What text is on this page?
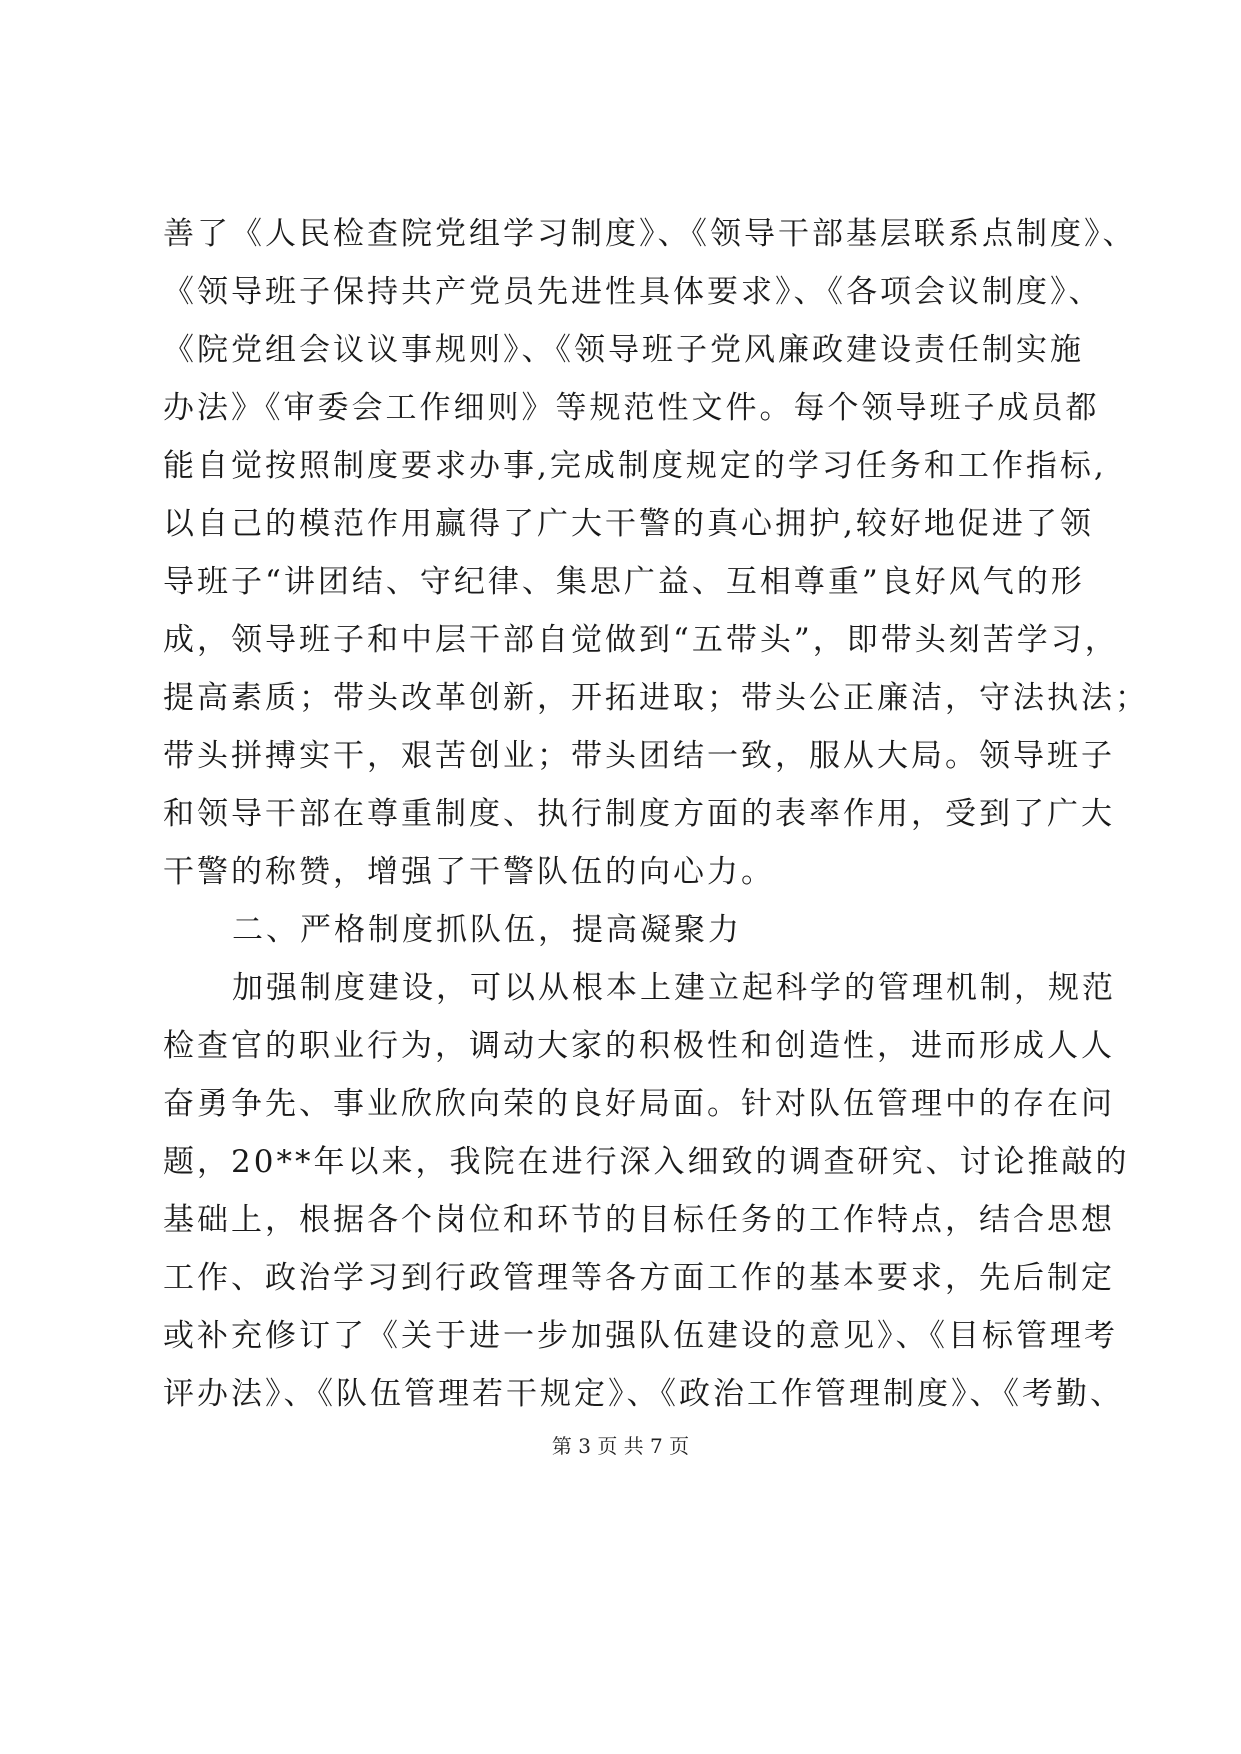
善了《人民检查院党组学习制度》、《领导干部基层联系点制度》、
《领导班子保持共产党员先进性具体要求》、《各项会议制度》、
《院党组会议议事规则》、《领导班子党风廉政建设责任制实施
办法》《审委会工作细则》等规范性文件。每个领导班子成员都
能自觉按照制度要求办事,完成制度规定的学习任务和工作指标,
以自己的模范作用赢得了广大干警的真心拥护,较好地促进了领
导班子“讲团结、守纪律、集思广益、互相尊重”良好风气的形
成，领导班子和中层干部自觉做到“五带头”，即带头刻苦学习，
提高素质；带头改革创新，开拓进取；带头公正廉洁，守法执法；
带头拼搏实干，艰苦创业；带头团结一致，服从大局。领导班子
和领导干部在尊重制度、执行制度方面的表率作用，受到了广大
干警的称赞，增强了干警队伍的向心力。
二、严格制度抓队伍，提高凝聚力
加强制度建设，可以从根本上建立起科学的管理机制，规范
检查官的职业行为，调动大家的积极性和创造性，进而形成人人
奋勇争先、事业欣欣向荣的良好局面。针对队伍管理中的存在问
题，20**年以来，我院在进行深入细致的调查研究、讨论推敲的
基础上，根据各个岗位和环节的目标任务的工作特点，结合思想
工作、政治学习到行政管理等各方面工作的基本要求，先后制定
或补充修订了《关于进一步加强队伍建设的意见》、《目标管理考
评办法》、《队伍管理若干规定》、《政治工作管理制度》、《考勤、
第 3 页 共 7 页
